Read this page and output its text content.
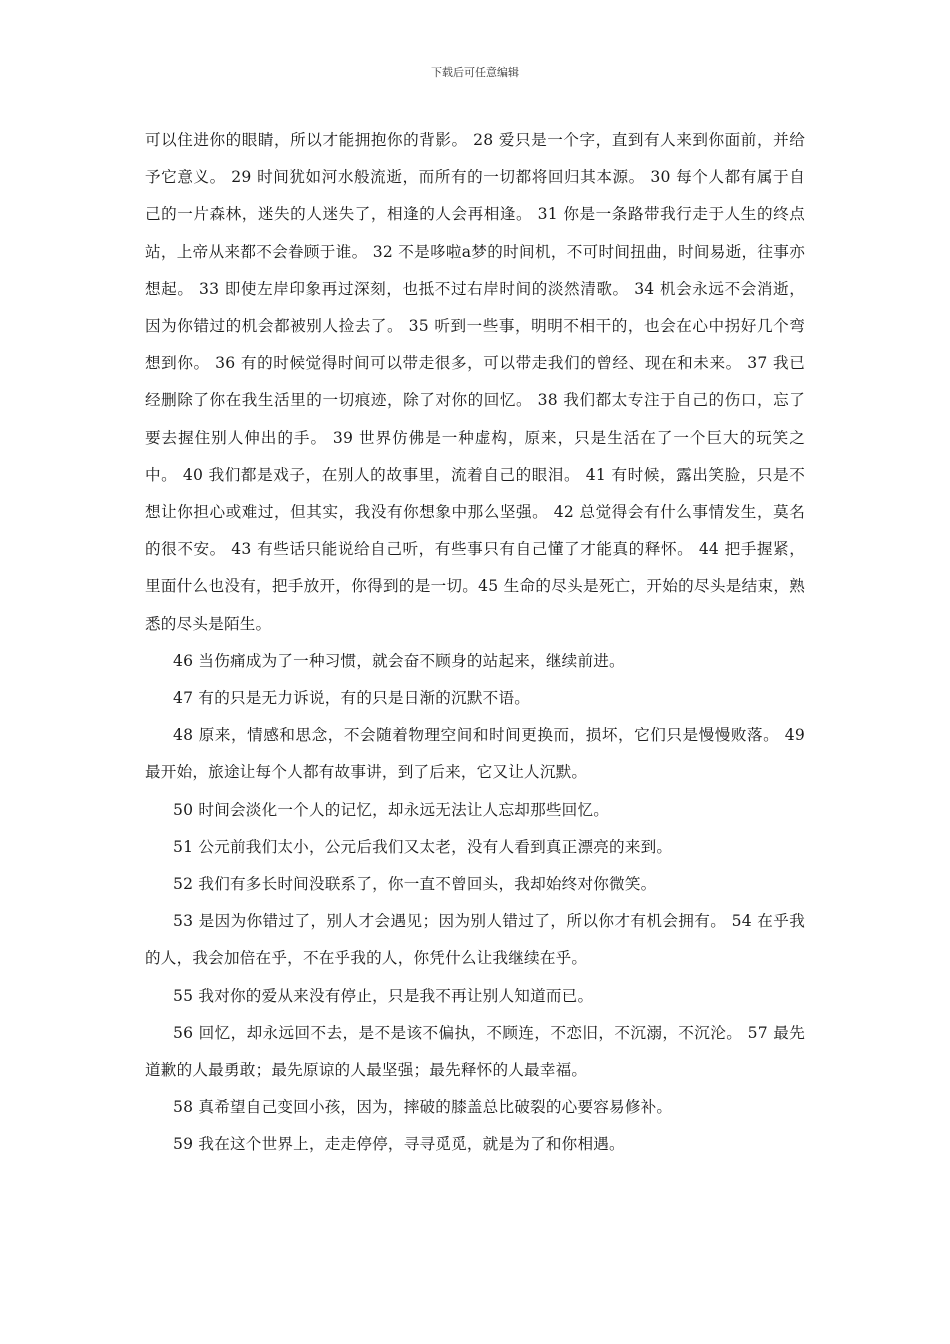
下载后可任意编辑

可以住进你的眼睛，所以才能拥抱你的背影。 28 爱只是一个字，直到有人来到你面前，并给予它意义。 29 时间犹如河水般流逝，而所有的一切都将回归其本源。 30 每个人都有属于自己的一片森林，迷失的人迷失了，相逢的人会再相逢。 31 你是一条路带我行走于人生的终点站，上帝从来都不会眷顾于谁。 32 不是哆啦a梦的时间机，不可时间扭曲，时间易逝，往事亦想起。 33 即使左岸印象再过深刻，也抵不过右岸时间的淡然清歌。 34 机会永远不会消逝，因为你错过的机会都被别人捡去了。 35 听到一些事，明明不相干的，也会在心中拐好几个弯想到你。 36 有的时候觉得时间可以带走很多，可以带走我们的曾经、现在和未来。 37 我已经删除了你在我生活里的一切痕迹，除了对你的回忆。 38 我们都太专注于自己的伤口，忘了要去握住别人伸出的手。 39 世界仿佛是一种虚构，原来，只是生活在了一个巨大的玩笑之中。 40 我们都是戏子，在别人的故事里，流着自己的眼泪。 41 有时候，露出笑脸，只是不想让你担心或难过，但其实，我没有你想象中那么坚强。 42 总觉得会有什么事情发生，莫名的很不安。 43 有些话只能说给自己听，有些事只有自己懂了才能真的释怀。 44 把手握紧，里面什么也没有，把手放开，你得到的是一切。45 生命的尽头是死亡，开始的尽头是结束，熟悉的尽头是陌生。

46 当伤痛成为了一种习惯，就会奋不顾身的站起来，继续前进。

47 有的只是无力诉说，有的只是日渐的沉默不语。

48 原来，情感和思念，不会随着物理空间和时间更换而，损坏，它们只是慢慢败落。 49 最开始，旅途让每个人都有故事讲，到了后来，它又让人沉默。

50 时间会淡化一个人的记忆，却永远无法让人忘却那些回忆。

51 公元前我们太小，公元后我们又太老，没有人看到真正漂亮的来到。

52 我们有多长时间没联系了，你一直不曾回头，我却始终对你微笑。

53 是因为你错过了，别人才会遇见；因为别人错过了，所以你才有机会拥有。 54 在乎我的人，我会加倍在乎，不在乎我的人，你凭什么让我继续在乎。

55 我对你的爱从来没有停止，只是我不再让别人知道而已。

56 回忆，却永远回不去，是不是该不偏执，不顾连，不恋旧，不沉溺，不沉沦。 57 最先道歉的人最勇敢；最先原谅的人最坚强；最先释怀的人最幸福。

58 真希望自己变回小孩，因为，摔破的膝盖总比破裂的心要容易修补。

59 我在这个世界上，走走停停，寻寻觅觅，就是为了和你相遇。
